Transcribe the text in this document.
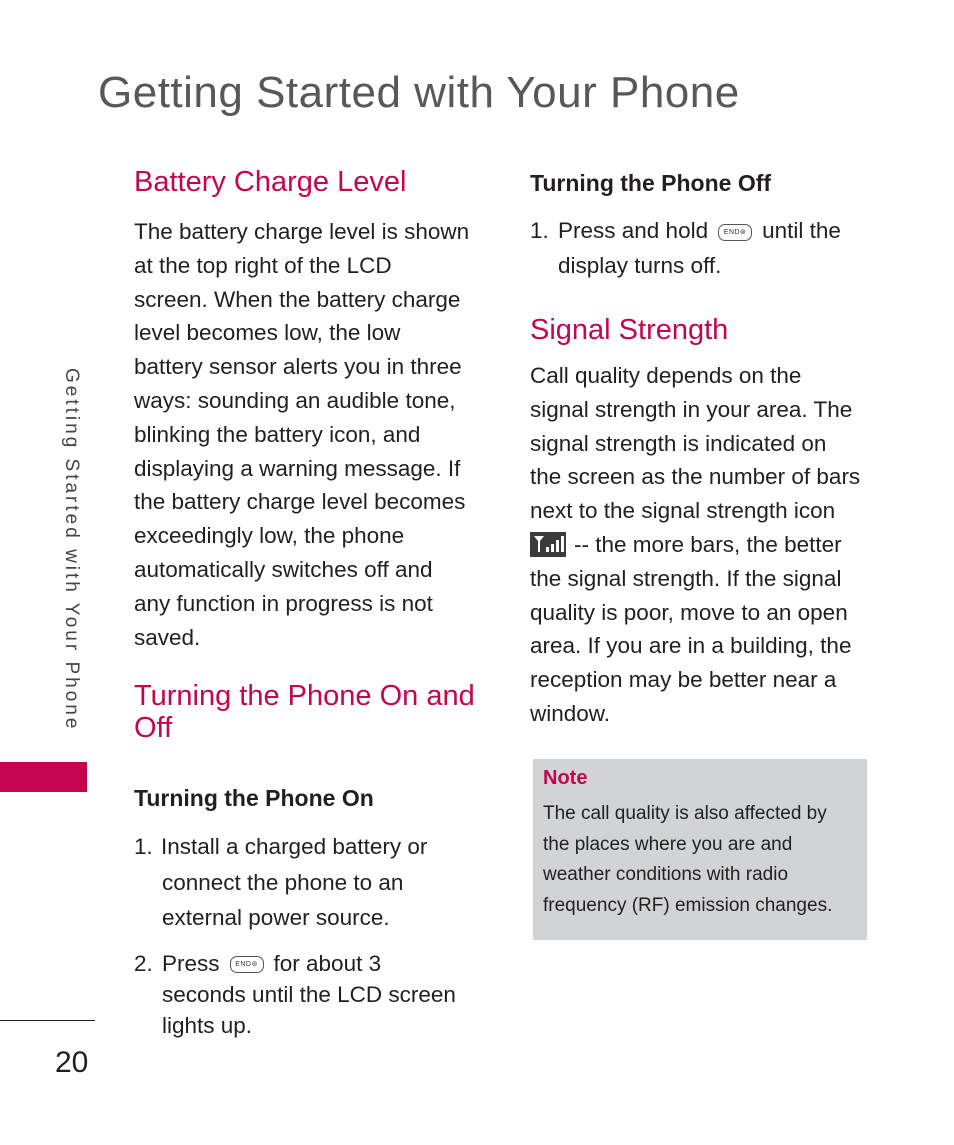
Getting Started with Your Phone
Getting Started with Your Phone
20
Battery Charge Level

The battery charge level is shown
at the top right of the LCD
screen. When the battery charge
level becomes low, the low
battery sensor alerts you in three
ways: sounding an audible tone,
blinking the battery icon, and
displaying a warning message. If
the battery charge level becomes
exceedingly low, the phone
automatically switches off and
any function in progress is not
saved.

Turning the Phone On and
Off
Turning the Phone On
1. Install a charged battery or
connect the phone to an
external power source.
2. Press END⊚ for about 3
seconds until the LCD screen
lights up.
Turning the Phone Off
1. Press and hold END⊚ until the
display turns off.
Signal Strength

Call quality depends on the
signal strength in your area. The
signal strength is indicated on
the screen as the number of bars
next to the signal strength icon
-- the more bars, the better
the signal strength. If the signal
quality is poor, move to an open
area. If you are in a building, the
reception may be better near a
window.

Note
The call quality is also affected by
the places where you are and
weather conditions with radio
frequency (RF) emission changes.
